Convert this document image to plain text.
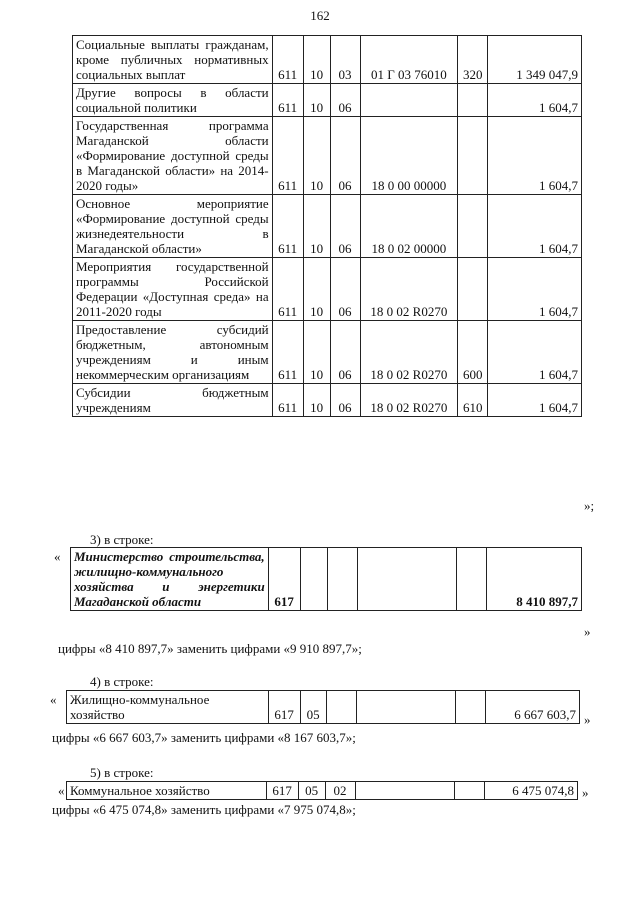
162
Социальные выплаты гражданам, кроме публичных нормативных социальных выплат	611	10	03	01 Г 03 76010	320	1 349 047,9
Другие вопросы в области социальной политики	611	10	06			1 604,7
Государственная программа Магаданской области «Формирование доступной среды в Магаданской области» на 2014-2020 годы»	611	10	06	18 0 00 00000		1 604,7
Основное мероприятие «Формирование доступной среды жизнедеятельности в Магаданской области»	611	10	06	18 0 02 00000		1 604,7
Мероприятия государственной программы Российской Федерации «Доступная среда» на 2011-2020 годы	611	10	06	18 0 02 R0270		1 604,7
Предоставление субсидий бюджетным, автономным учреждениям и иным некоммерческим организациям	611	10	06	18 0 02 R0270	600	1 604,7
Субсидии бюджетным учреждениям	611	10	06	18 0 02 R0270	610	1 604,7
»;
3) в строке:
« Министерство строительства, жилищно-коммунального хозяйства и энергетики Магаданской области	617					8 410 897,7
»
цифры «8 410 897,7» заменить цифрами «9 910 897,7»;
4) в строке:
« Жилищно-коммунальное хозяйство	617	05				6 667 603,7 »
цифры «6 667 603,7» заменить цифрами «8 167 603,7»;
5) в строке:
« Коммунальное хозяйство	617	05	02			6 475 074,8 »
цифры «6 475 074,8» заменить цифрами «7 975 074,8»;
